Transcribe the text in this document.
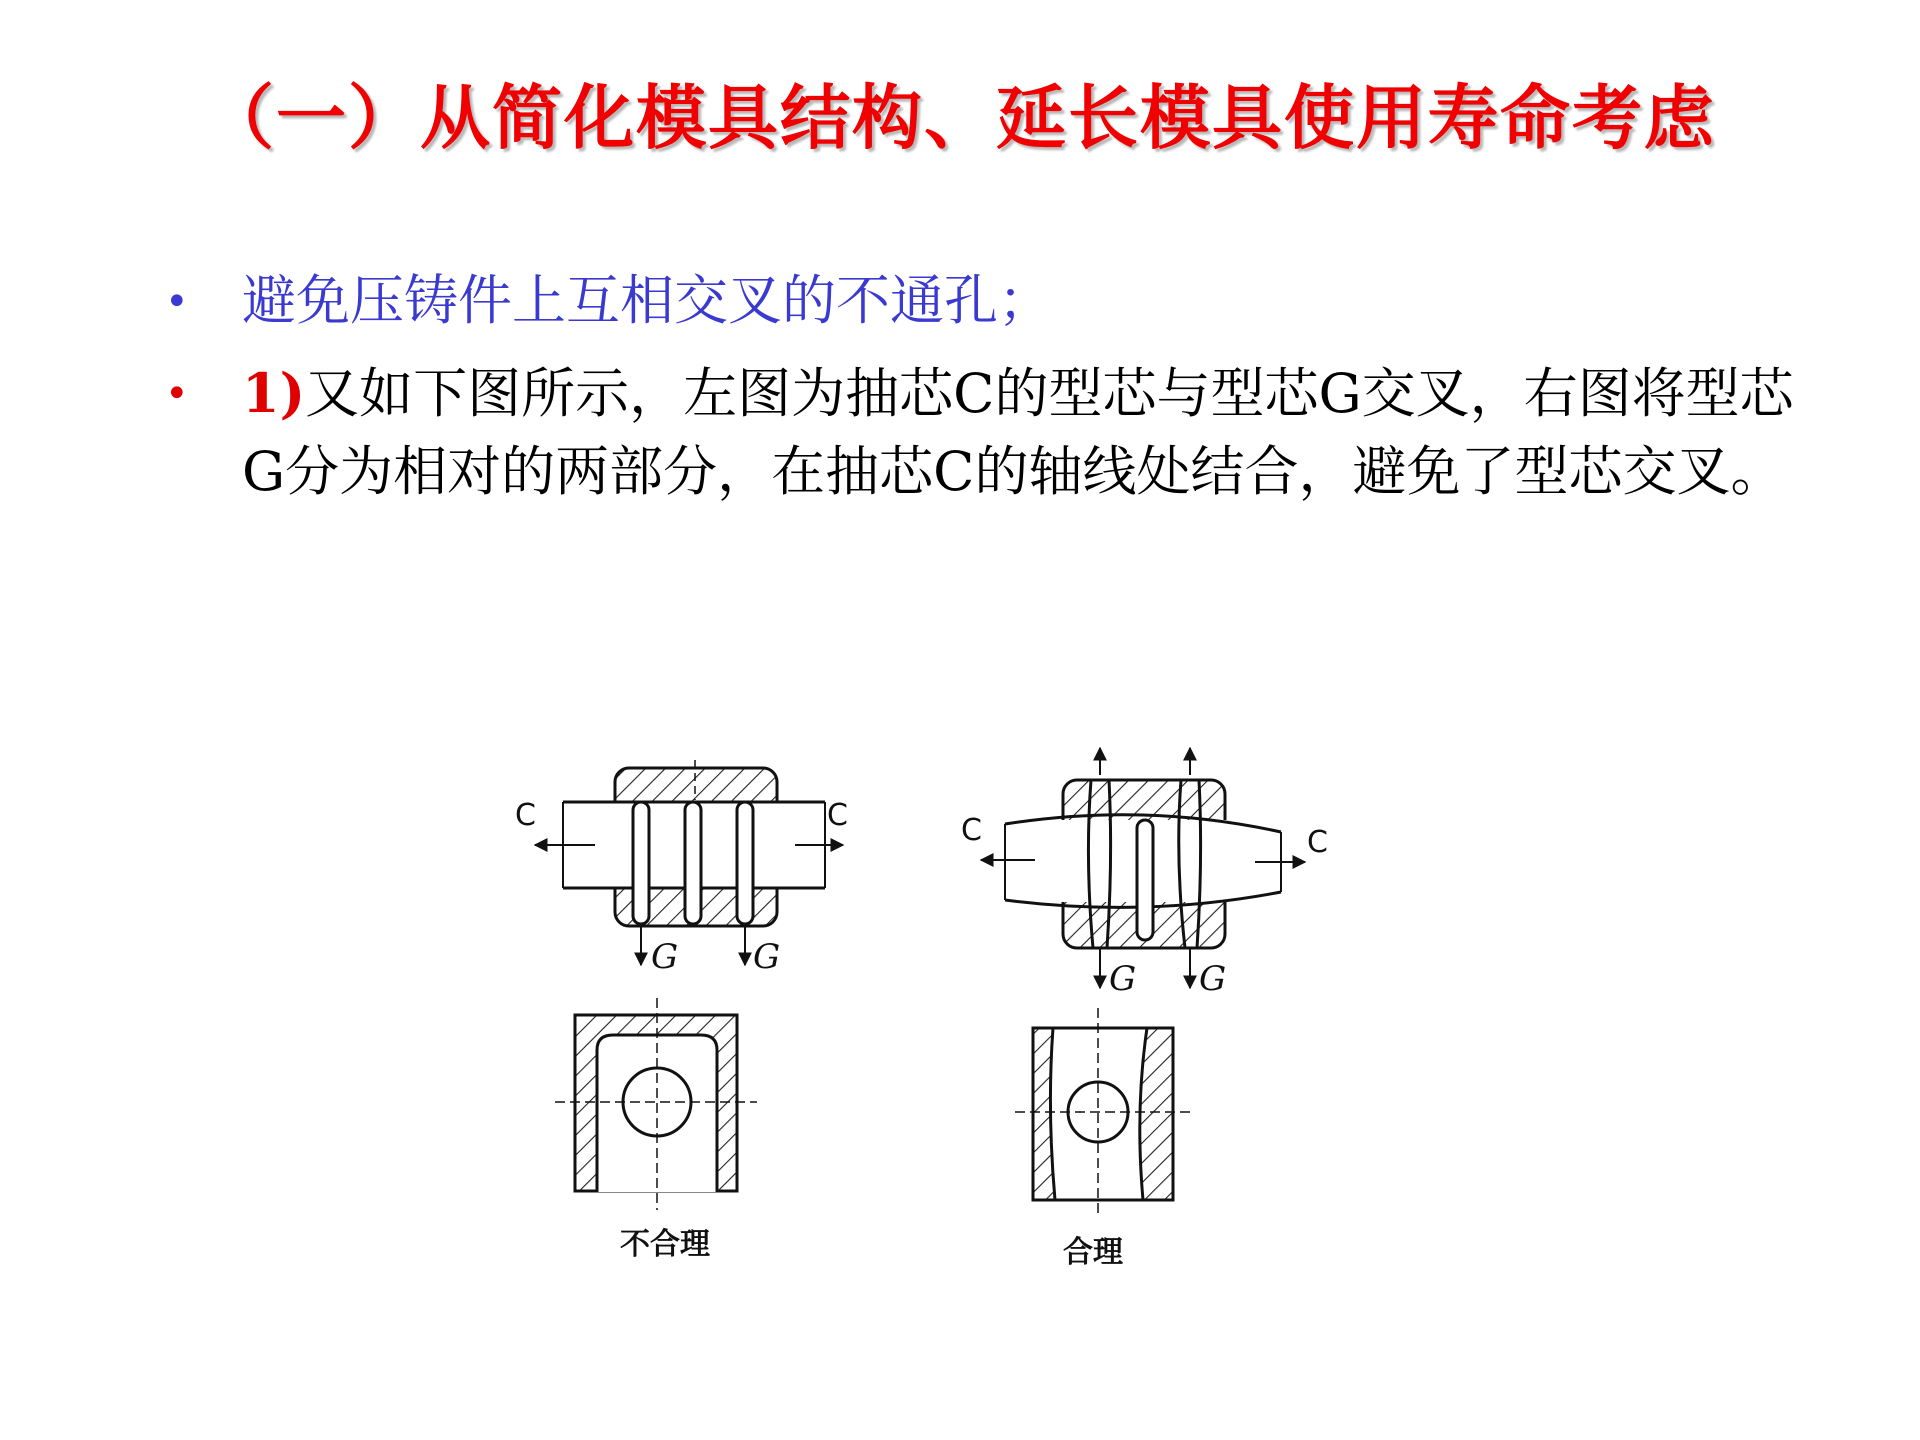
（一）从简化模具结构、延长模具使用寿命考虑
• 避免压铸件上互相交叉的不通孔；
• 1)又如下图所示，左图为抽芯C的型芯与型芯G交叉，右图将型芯G分为相对的两部分，在抽芯C的轴线处结合，避免了型芯交叉。
C	C
G G
不合理
C	C
G G
合理
